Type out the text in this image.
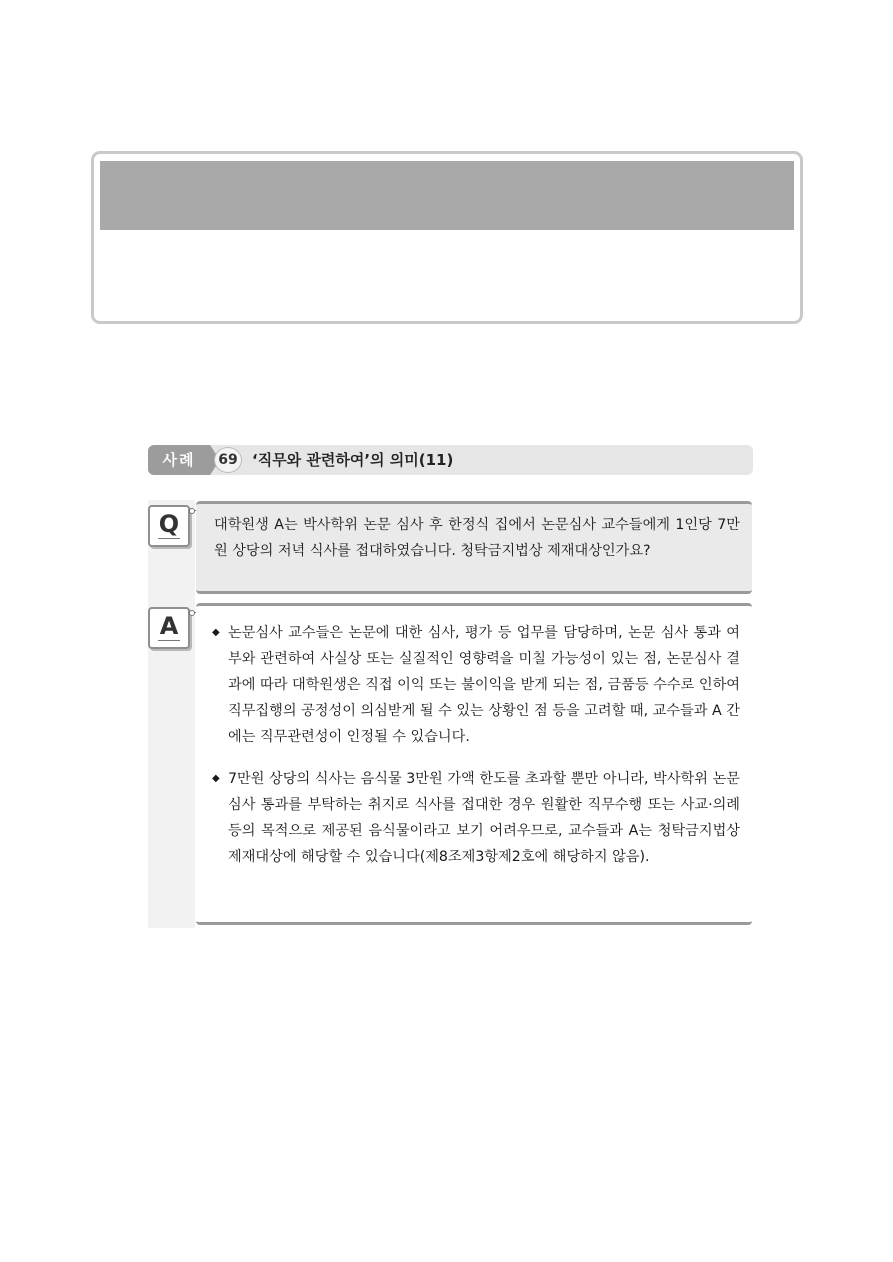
사례	69 ‘직무와 관련하여’의 의미(11)
Q	대학원생 A는 박사학위 논문 심사 후 한정식 집에서 논문심사 교수들에게 1인당 7만원 상당의 저녁 식사를 접대하였습니다. 청탁금지법상 제재대상인가요?
A	◆ 논문심사 교수들은 논문에 대한 심사, 평가 등 업무를 담당하며, 논문 심사 통과 여부와 관련하여 사실상 또는 실질적인 영향력을 미칠 가능성이 있는 점, 논문심사 결과에 따라 대학원생은 직접 이익 또는 불이익을 받게 되는 점, 금품등 수수로 인하여 직무집행의 공정성이 의심받게 될 수 있는 상황인 점 등을 고려할 때, 교수들과 A 간에는 직무관련성이 인정될 수 있습니다.
◆ 7만원 상당의 식사는 음식물 3만원 가액 한도를 초과할 뿐만 아니라, 박사학위 논문 심사 통과를 부탁하는 취지로 식사를 접대한 경우 원활한 직무수행 또는 사교·의례 등의 목적으로 제공된 음식물이라고 보기 어려우므로, 교수들과 A는 청탁금지법상 제재대상에 해당할 수 있습니다(제8조제3항제2호에 해당하지 않음).
